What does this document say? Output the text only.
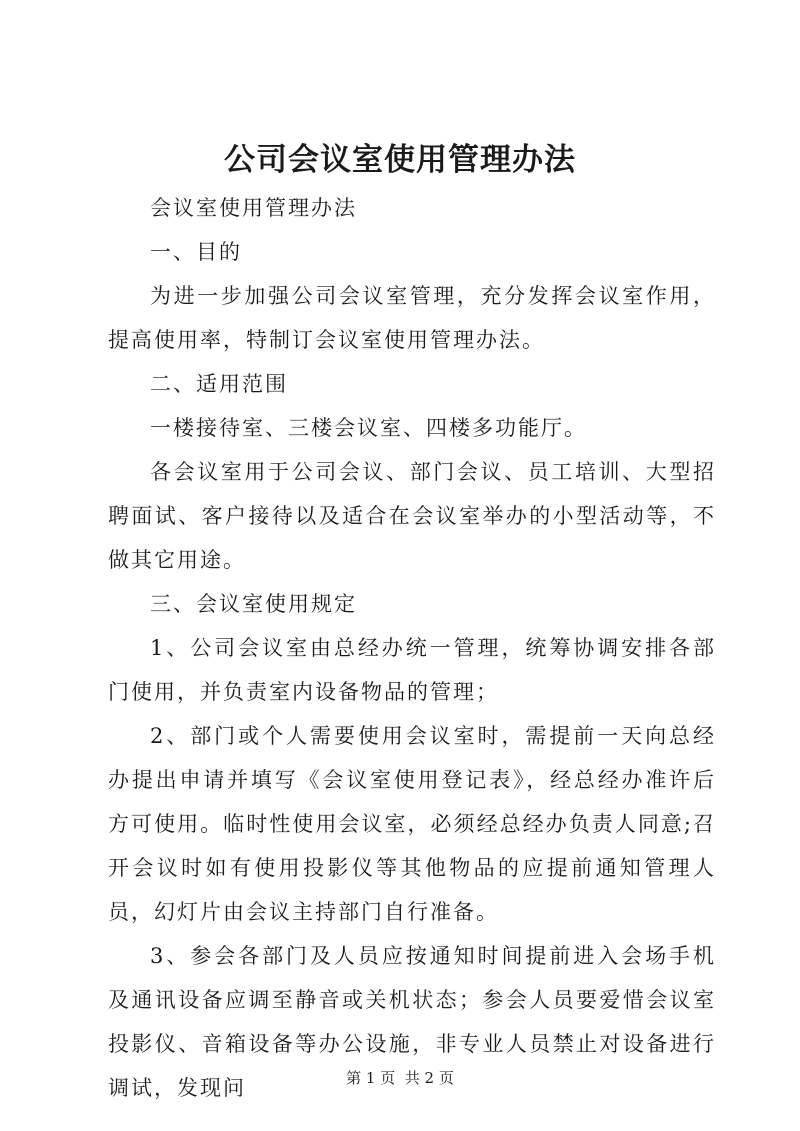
公司会议室使用管理办法

会议室使用管理办法

一、目的

为进一步加强公司会议室管理，充分发挥会议室作用，提高使用率，特制订会议室使用管理办法。

二、适用范围

一楼接待室、三楼会议室、四楼多功能厅。

各会议室用于公司会议、部门会议、员工培训、大型招聘面试、客户接待以及适合在会议室举办的小型活动等，不做其它用途。

三、会议室使用规定

1、公司会议室由总经办统一管理，统筹协调安排各部门使用，并负责室内设备物品的管理；

2、部门或个人需要使用会议室时，需提前一天向总经办提出申请并填写《会议室使用登记表》，经总经办准许后方可使用。临时性使用会议室，必须经总经办负责人同意;召开会议时如有使用投影仪等其他物品的应提前通知管理人员，幻灯片由会议主持部门自行准备。

3、参会各部门及人员应按通知时间提前进入会场手机及通讯设备应调至静音或关机状态；参会人员要爱惜会议室投影仪、音箱设备等办公设施，非专业人员禁止对设备进行调试，发现问	第 1 页  共 2 页
